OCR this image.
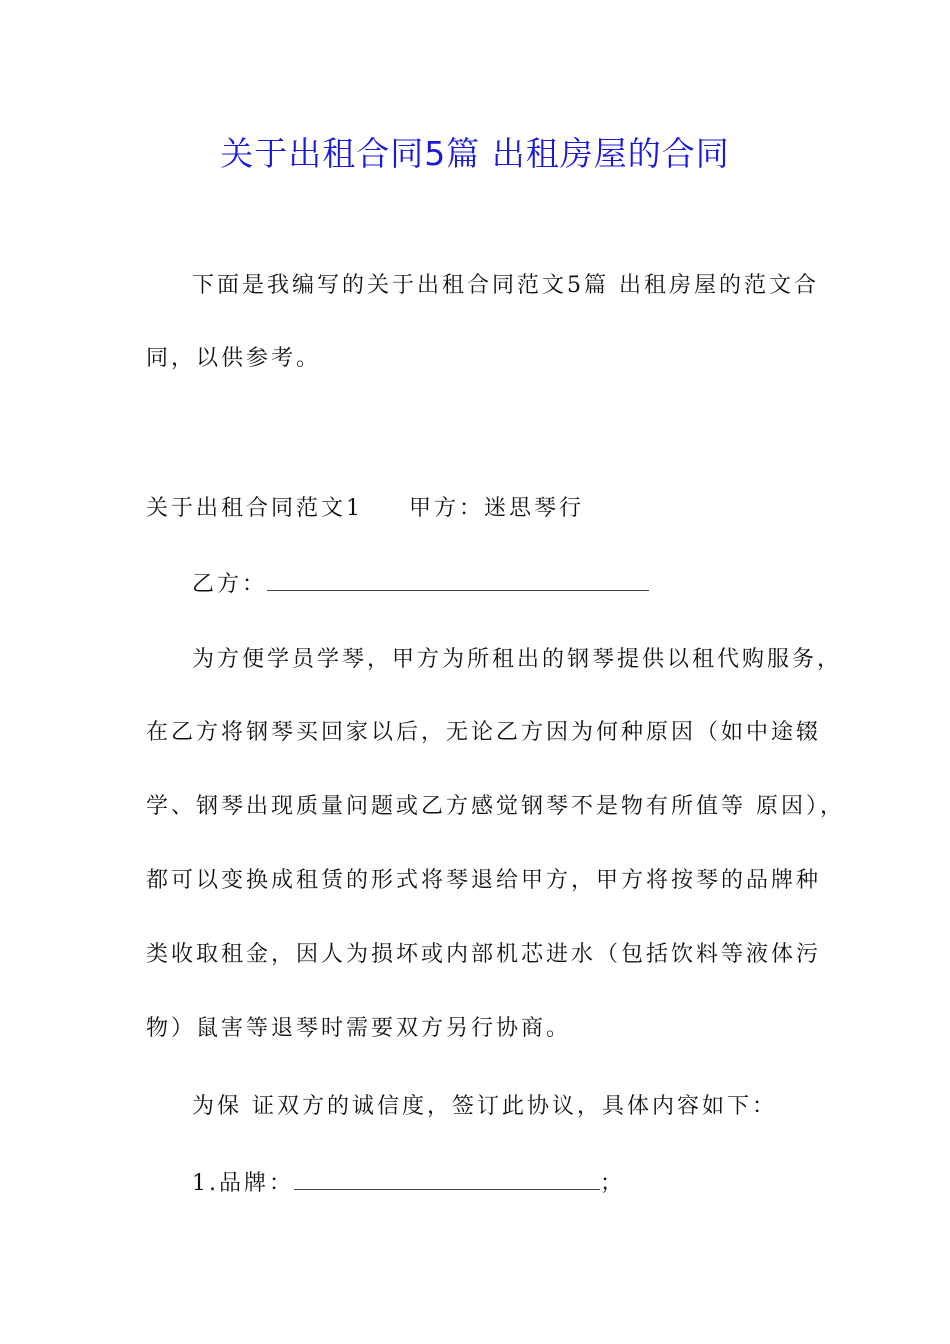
关于出租合同5篇 出租房屋的合同
下面是我编写的关于出租合同范文5篇 出租房屋的范文合
同，以供参考。
关于出租合同范文1 甲方：迷思琴行
乙方：
为方便学员学琴，甲方为所租出的钢琴提供以租代购服务，
在乙方将钢琴买回家以后，无论乙方因为何种原因（如中途辍
学、钢琴出现质量问题或乙方感觉钢琴不是物有所值等 原因），
都可以变换成租赁的形式将琴退给甲方，甲方将按琴的品牌种
类收取租金，因人为损坏或内部机芯进水（包括饮料等液体污
物）鼠害等退琴时需要双方另行协商。
为保 证双方的诚信度，签订此协议，具体内容如下：
1.品牌：	；
